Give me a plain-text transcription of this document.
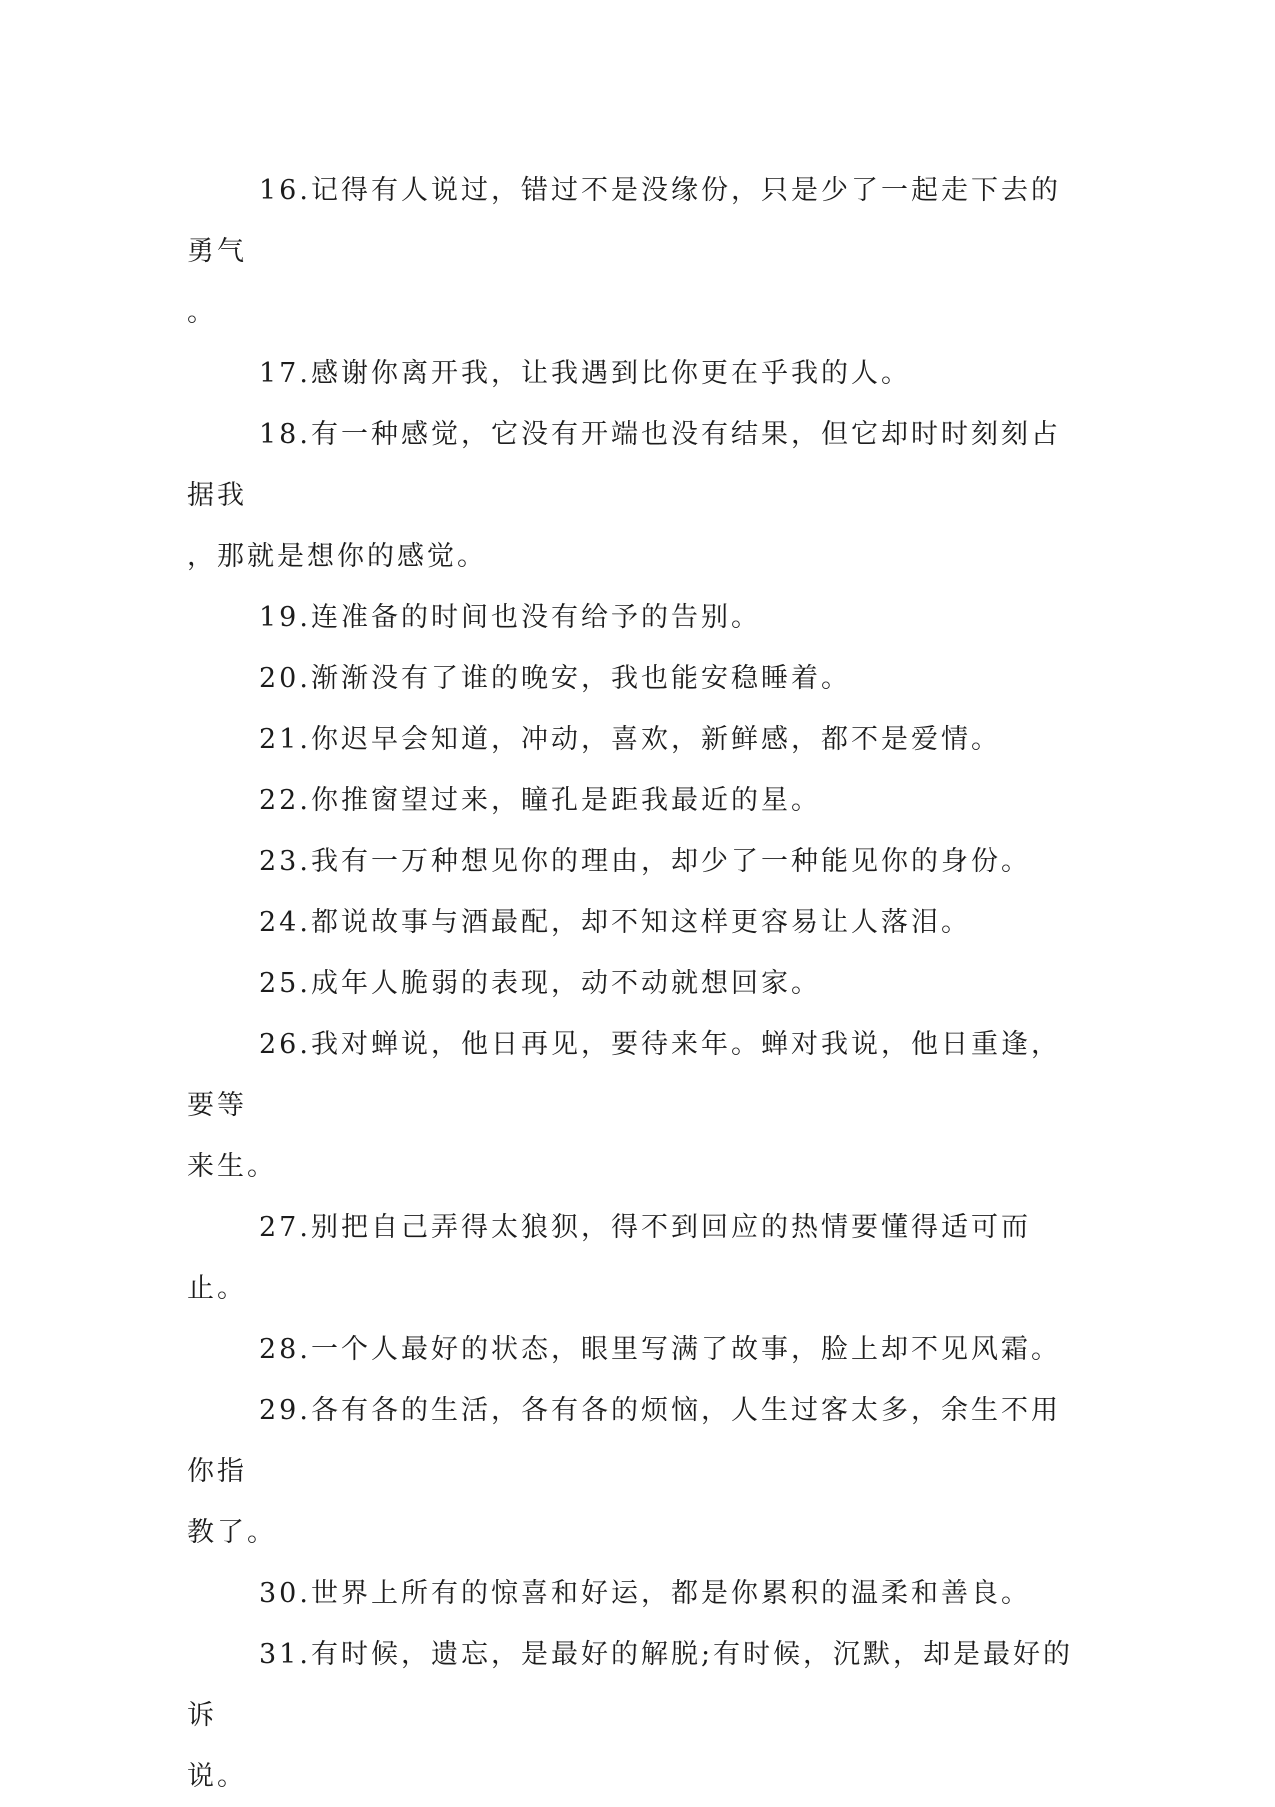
16.记得有人说过，错过不是没缘份，只是少了一起走下去的勇气
。

17.感谢你离开我，让我遇到比你更在乎我的人。

18.有一种感觉，它没有开端也没有结果，但它却时时刻刻占据我
，那就是想你的感觉。

19.连准备的时间也没有给予的告别。

20.渐渐没有了谁的晚安，我也能安稳睡着。

21.你迟早会知道，冲动，喜欢，新鲜感，都不是爱情。

22.你推窗望过来，瞳孔是距我最近的星。

23.我有一万种想见你的理由，却少了一种能见你的身份。

24.都说故事与酒最配，却不知这样更容易让人落泪。

25.成年人脆弱的表现，动不动就想回家。

26.我对蝉说，他日再见，要待来年。蝉对我说，他日重逢，要等
来生。

27.别把自己弄得太狼狈，得不到回应的热情要懂得适可而止。

28.一个人最好的状态，眼里写满了故事，脸上却不见风霜。

29.各有各的生活，各有各的烦恼，人生过客太多，余生不用你指
教了。

30.世界上所有的惊喜和好运，都是你累积的温柔和善良。

31.有时候，遗忘，是最好的解脱;有时候，沉默，却是最好的诉
说。
